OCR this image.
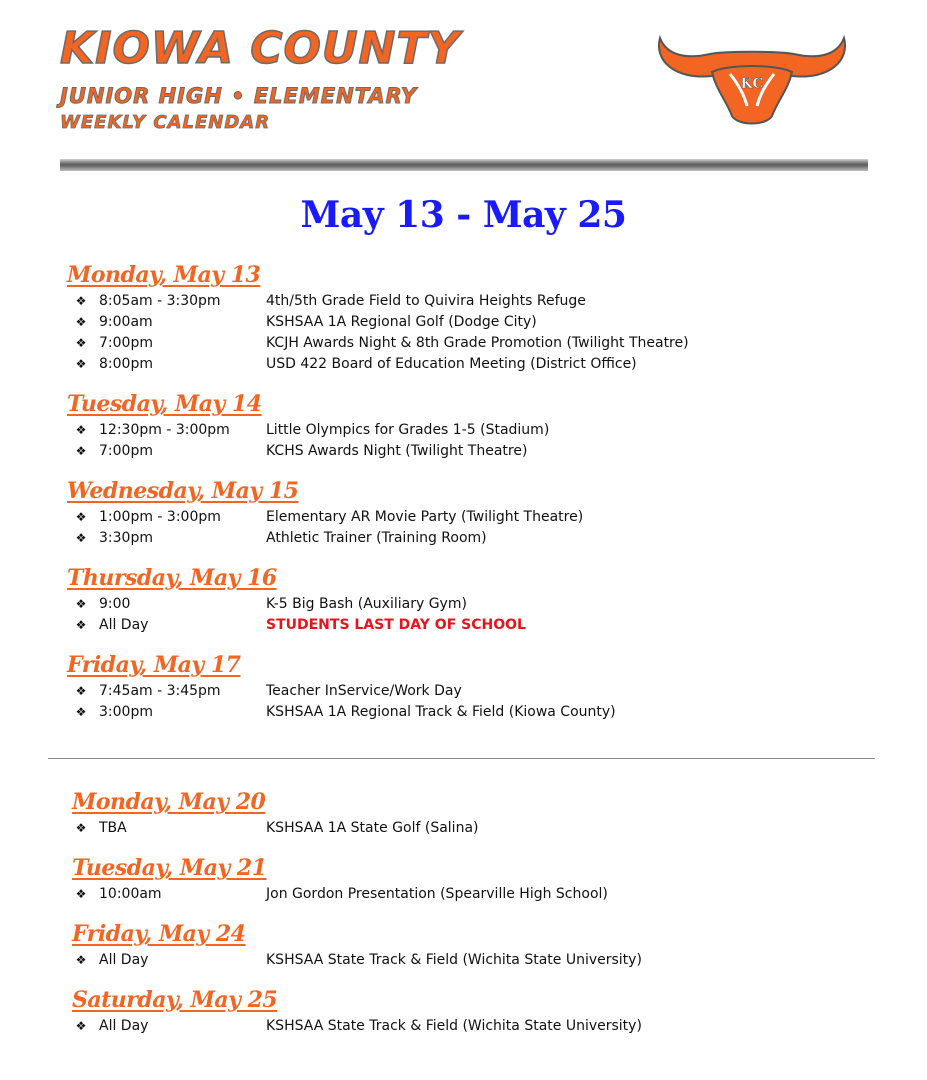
KIOWA COUNTY
JUNIOR HIGH • ELEMENTARY
WEEKLY CALENDAR
KC
May 13 - May 25
Monday, May 13
❖ 8:05am - 3:30pm	4th/5th Grade Field to Quivira Heights Refuge
❖ 9:00am	KSHSAA 1A Regional Golf (Dodge City)
❖ 7:00pm	KCJH Awards Night & 8th Grade Promotion (Twilight Theatre)
❖ 8:00pm	USD 422 Board of Education Meeting (District Office)
Tuesday, May 14
❖ 12:30pm - 3:00pm	Little Olympics for Grades 1-5 (Stadium)
❖ 7:00pm	KCHS Awards Night (Twilight Theatre)
Wednesday, May 15
❖ 1:00pm - 3:00pm	Elementary AR Movie Party (Twilight Theatre)
❖ 3:30pm	Athletic Trainer (Training Room)
Thursday, May 16
❖ 9:00	K-5 Big Bash (Auxiliary Gym)
❖ All Day	STUDENTS LAST DAY OF SCHOOL
Friday, May 17
❖ 7:45am - 3:45pm	Teacher InService/Work Day
❖ 3:00pm	KSHSAA 1A Regional Track & Field (Kiowa County)
Monday, May 20
❖ TBA	KSHSAA 1A State Golf (Salina)
Tuesday, May 21
❖ 10:00am	Jon Gordon Presentation (Spearville High School)
Friday, May 24
❖ All Day	KSHSAA State Track & Field (Wichita State University)
Saturday, May 25
❖ All Day	KSHSAA State Track & Field (Wichita State University)
